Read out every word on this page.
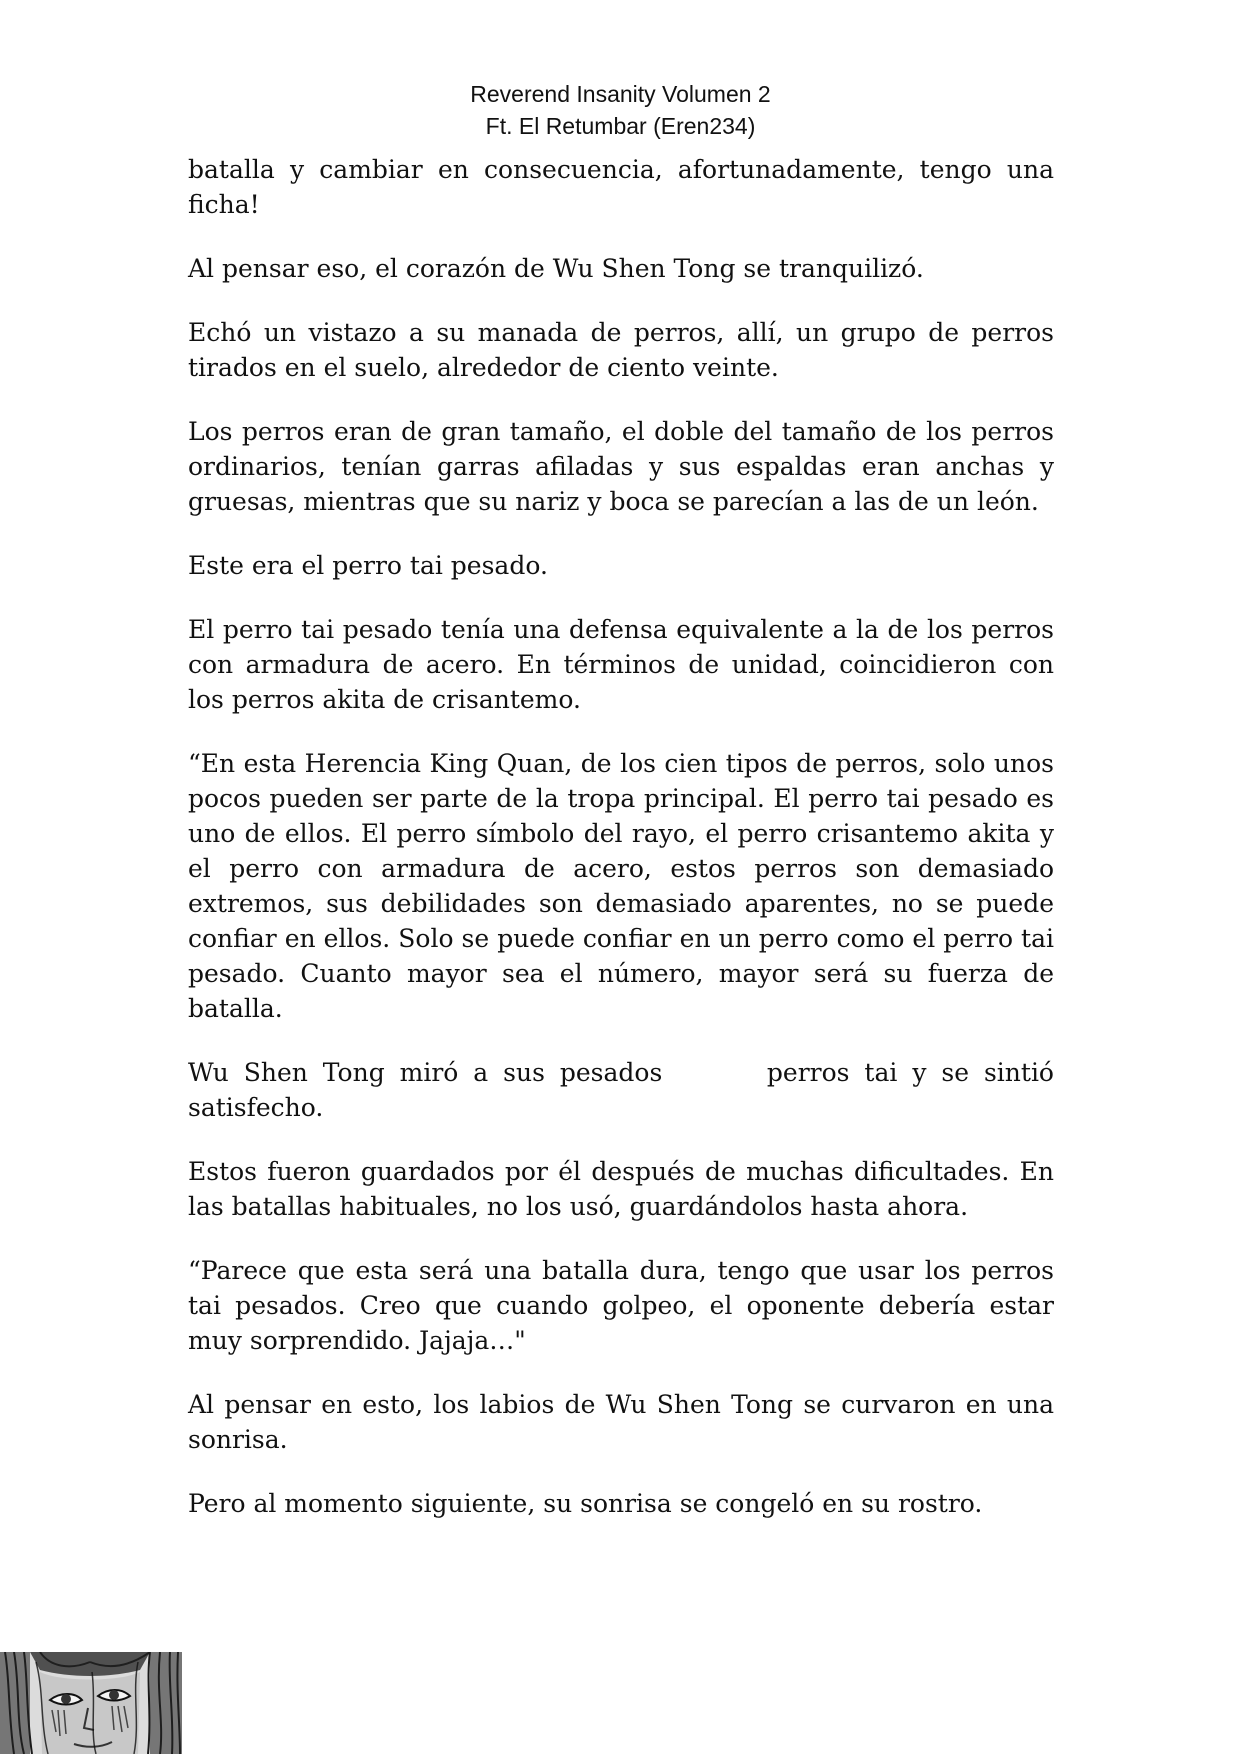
Reverend Insanity Volumen 2
Ft. El Retumbar (Eren234)

batalla y cambiar en consecuencia, afortunadamente, tengo una ficha!

Al pensar eso, el corazón de Wu Shen Tong se tranquilizó.

Echó un vistazo a su manada de perros, allí, un grupo de perros tirados en el suelo, alrededor de ciento veinte.

Los perros eran de gran tamaño, el doble del tamaño de los perros ordinarios, tenían garras afiladas y sus espaldas eran anchas y gruesas, mientras que su nariz y boca se parecían a las de un león.

Este era el perro tai pesado.

El perro tai pesado tenía una defensa equivalente a la de los perros con armadura de acero. En términos de unidad, coincidieron con los perros akita de crisantemo.

“En esta Herencia King Quan, de los cien tipos de perros, solo unos pocos pueden ser parte de la tropa principal. El perro tai pesado es uno de ellos. El perro símbolo del rayo, el perro crisantemo akita y el perro con armadura de acero, estos perros son demasiado extremos, sus debilidades son demasiado aparentes, no se puede confiar en ellos. Solo se puede confiar en un perro como el perro tai pesado. Cuanto mayor sea el número, mayor será su fuerza de batalla.

Wu Shen Tong miró a sus pesados       perros tai y se sintió satisfecho.

Estos fueron guardados por él después de muchas dificultades. En las batallas habituales, no los usó, guardándolos hasta ahora.

“Parece que esta será una batalla dura, tengo que usar los perros tai pesados. Creo que cuando golpeo, el oponente debería estar muy sorprendido. Jajaja…"

Al pensar en esto, los labios de Wu Shen Tong se curvaron en una sonrisa.

Pero al momento siguiente, su sonrisa se congeló en su rostro.
